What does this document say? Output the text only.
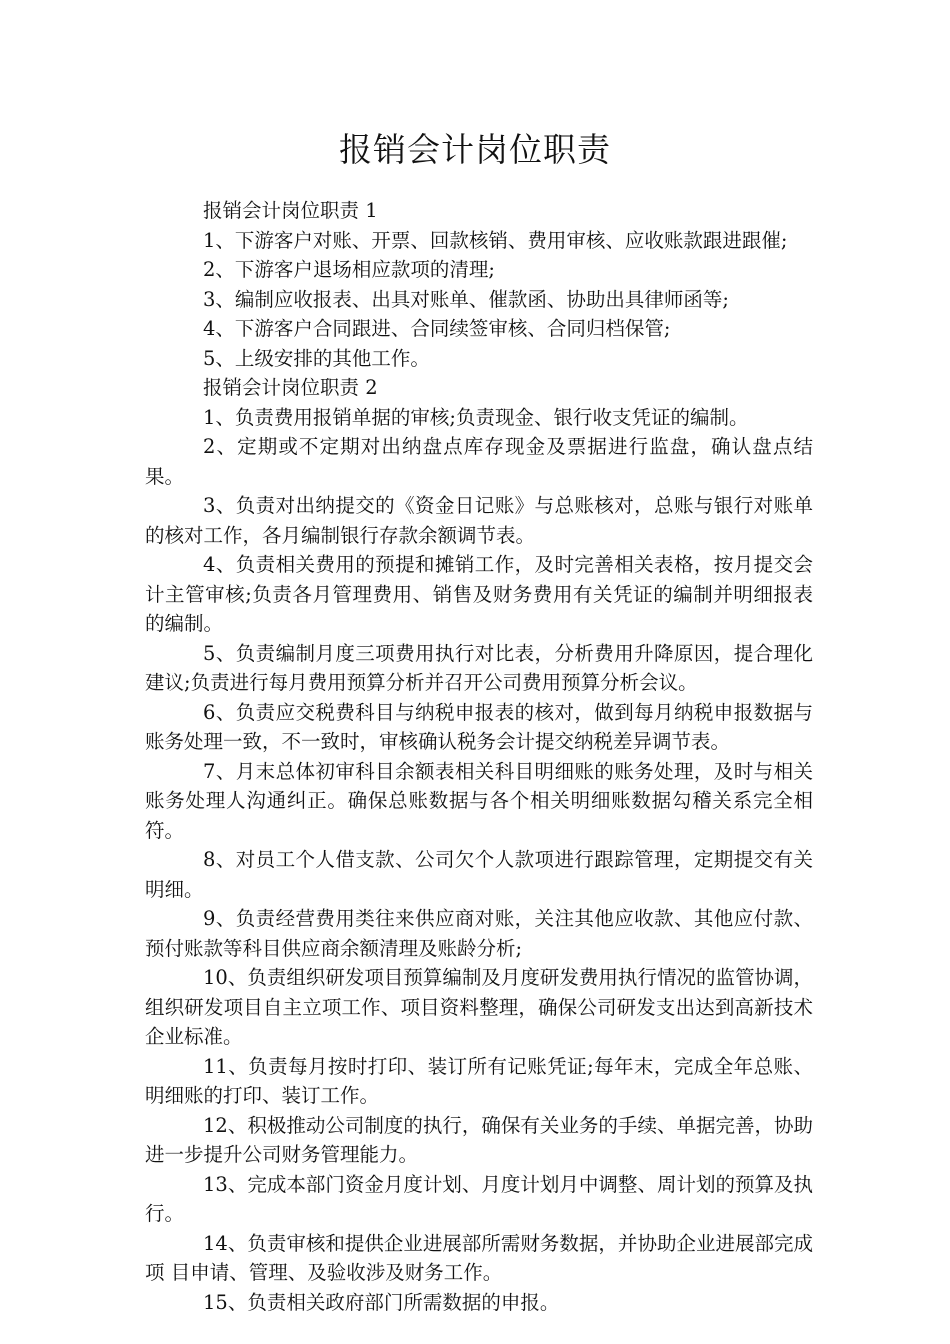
报销会计岗位职责

报销会计岗位职责 1

1、下游客户对账、开票、回款核销、费用审核、应收账款跟进跟催;

2、下游客户退场相应款项的清理;

3、编制应收报表、出具对账单、催款函、协助出具律师函等;

4、下游客户合同跟进、合同续签审核、合同归档保管;

5、上级安排的其他工作。

报销会计岗位职责 2

1、负责费用报销单据的审核;负责现金、银行收支凭证的编制。

2、定期或不定期对出纳盘点库存现金及票据进行监盘，确认盘点结果。

3、负责对出纳提交的《资金日记账》与总账核对，总账与银行对账单的核对工作，各月编制银行存款余额调节表。

4、负责相关费用的预提和摊销工作，及时完善相关表格，按月提交会计主管审核;负责各月管理费用、销售及财务费用有关凭证的编制并明细报表的编制。

5、负责编制月度三项费用执行对比表，分析费用升降原因，提合理化建议;负责进行每月费用预算分析并召开公司费用预算分析会议。

6、负责应交税费科目与纳税申报表的核对，做到每月纳税申报数据与账务处理一致，不一致时，审核确认税务会计提交纳税差异调节表。

7、月末总体初审科目余额表相关科目明细账的账务处理，及时与相关账务处理人沟通纠正。确保总账数据与各个相关明细账数据勾稽关系完全相符。

8、对员工个人借支款、公司欠个人款项进行跟踪管理，定期提交有关明细。

9、负责经营费用类往来供应商对账，关注其他应收款、其他应付款、预付账款等科目供应商余额清理及账龄分析;

10、负责组织研发项目预算编制及月度研发费用执行情况的监管协调，组织研发项目自主立项工作、项目资料整理，确保公司研发支出达到高新技术企业标准。

11、负责每月按时打印、装订所有记账凭证;每年末，完成全年总账、明细账的打印、装订工作。

12、积极推动公司制度的执行，确保有关业务的手续、单据完善，协助进一步提升公司财务管理能力。

13、完成本部门资金月度计划、月度计划月中调整、周计划的预算及执行。

14、负责审核和提供企业进展部所需财务数据，并协助企业进展部完成项 目申请、管理、及验收涉及财务工作。

15、负责相关政府部门所需数据的申报。
